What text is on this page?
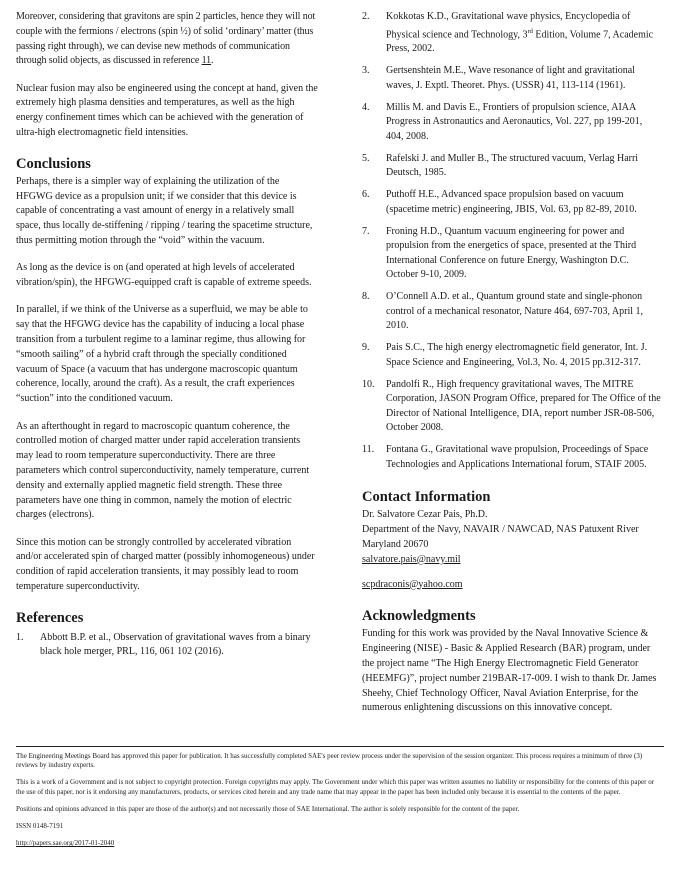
Moreover, considering that gravitons are spin 2 particles, hence they will not couple with the fermions / electrons (spin ½) of solid ‘ordinary’ matter (thus passing right through), we can devise new methods of communication through solid objects, as discussed in reference 11.

Nuclear fusion may also be engineered using the concept at hand, given the extremely high plasma densities and temperatures, as well as the high energy confinement times which can be achieved with the generation of ultra-high electromagnetic field intensities.

Conclusions

Perhaps, there is a simpler way of explaining the utilization of the HFGWG device as a propulsion unit; if we consider that this device is capable of concentrating a vast amount of energy in a relatively small space, thus locally de-stiffening / ripping / tearing the spacetime structure, thus permitting motion through the “void” within the vacuum.

As long as the device is on (and operated at high levels of accelerated vibration/spin), the HFGWG-equipped craft is capable of extreme speeds.

In parallel, if we think of the Universe as a superfluid, we may be able to say that the HFGWG device has the capability of inducing a local phase transition from a turbulent regime to a laminar regime, thus allowing for “smooth sailing” of a hybrid craft through the specially conditioned vacuum of Space (a vacuum that has undergone macroscopic quantum coherence, locally, around the craft). As a result, the craft experiences “suction” into the conditioned vacuum.

As an afterthought in regard to macroscopic quantum coherence, the controlled motion of charged matter under rapid acceleration transients may lead to room temperature superconductivity. There are three parameters which control superconductivity, namely temperature, current density and externally applied magnetic field strength. These three parameters have one thing in common, namely the motion of electric charges (electrons).

Since this motion can be strongly controlled by accelerated vibration and/or accelerated spin of charged matter (possibly inhomogeneous) under condition of rapid acceleration transients, it may possibly lead to room temperature superconductivity.

References
1.	Abbott B.P. et al., Observation of gravitational waves from a binary black hole merger, PRL, 116, 061 102 (2016).
2.	Kokkotas K.D., Gravitational wave physics, Encyclopedia of Physical science and Technology, 3rd Edition, Volume 7, Academic Press, 2002.
3.	Gertsenshtein M.E., Wave resonance of light and gravitational waves, J. Exptl. Theoret. Phys. (USSR) 41, 113-114 (1961).
4.	Millis M. and Davis E., Frontiers of propulsion science, AIAA Progress in Astronautics and Aeronautics, Vol. 227, pp 199-201, 404, 2008.
5.	Rafelski J. and Muller B., The structured vacuum, Verlag Harri Deutsch, 1985.
6.	Puthoff H.E., Advanced space propulsion based on vacuum (spacetime metric) engineering, JBIS, Vol. 63, pp 82-89, 2010.
7.	Froning H.D., Quantum vacuum engineering for power and propulsion from the energetics of space, presented at the Third International Conference on future Energy, Washington D.C. October 9-10, 2009.
8.	O’Connell A.D. et al., Quantum ground state and single-phonon control of a mechanical resonator, Nature 464, 697-703, April 1, 2010.
9.	Pais S.C., The high energy electromagnetic field generator, Int. J. Space Science and Engineering, Vol.3, No. 4, 2015 pp.312-317.
10.	Pandolfi R., High frequency gravitational waves, The MITRE Corporation, JASON Program Office, prepared for The Office of the Director of National Intelligence, DIA, report number JSR-08-506, October 2008.
11.	Fontana G., Gravitational wave propulsion, Proceedings of Space Technologies and Applications International forum, STAIF 2005.
Contact Information

Dr. Salvatore Cezar Pais, Ph.D.

Department of the Navy, NAVAIR / NAWCAD, NAS Patuxent River Maryland 20670

salvatore.pais@navy.mil

scpdraconis@yahoo.com

Acknowledgments

Funding for this work was provided by the Naval Innovative Science & Engineering (NISE) - Basic & Applied Research (BAR) program, under the project name “The High Energy Electromagnetic Field Generator (HEEMFG)”, project number 219BAR-17-009. I wish to thank Dr. James Sheehy, Chief Technology Officer, Naval Aviation Enterprise, for the numerous enlightening discussions on this innovative concept.

The Engineering Meetings Board has approved this paper for publication. It has successfully completed SAE's peer review process under the supervision of the session organizer. This process requires a minimum of three (3) reviews by industry experts.

This is a work of a Government and is not subject to copyright protection. Foreign copyrights may apply. The Government under which this paper was written assumes no liability or responsibility for the contents of this paper or the use of this paper, nor is it endorsing any manufacturers, products, or services cited herein and any trade name that may appear in the paper has been included only because it is essential to the contents of the paper.

Positions and opinions advanced in this paper are those of the author(s) and not necessarily those of SAE International. The author is solely responsible for the content of the paper.

ISSN 0148-7191

http://papers.sae.org/2017-01-2040
